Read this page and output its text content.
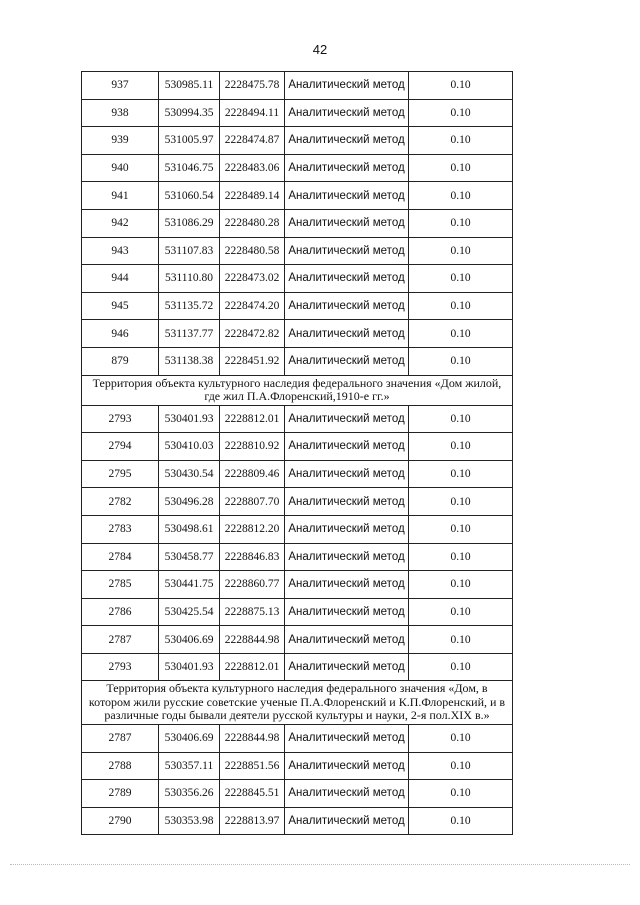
42
937	530985.11	2228475.78	Аналитический метод	0.10
938	530994.35	2228494.11	Аналитический метод	0.10
939	531005.97	2228474.87	Аналитический метод	0.10
940	531046.75	2228483.06	Аналитический метод	0.10
941	531060.54	2228489.14	Аналитический метод	0.10
942	531086.29	2228480.28	Аналитический метод	0.10
943	531107.83	2228480.58	Аналитический метод	0.10
944	531110.80	2228473.02	Аналитический метод	0.10
945	531135.72	2228474.20	Аналитический метод	0.10
946	531137.77	2228472.82	Аналитический метод	0.10
879	531138.38	2228451.92	Аналитический метод	0.10
Территория объекта культурного наследия федерального значения «Дом жилой, где жил П.А.Флоренский,1910-е гг.»				
2793	530401.93	2228812.01	Аналитический метод	0.10
2794	530410.03	2228810.92	Аналитический метод	0.10
2795	530430.54	2228809.46	Аналитический метод	0.10
2782	530496.28	2228807.70	Аналитический метод	0.10
2783	530498.61	2228812.20	Аналитический метод	0.10
2784	530458.77	2228846.83	Аналитический метод	0.10
2785	530441.75	2228860.77	Аналитический метод	0.10
2786	530425.54	2228875.13	Аналитический метод	0.10
2787	530406.69	2228844.98	Аналитический метод	0.10
2793	530401.93	2228812.01	Аналитический метод	0.10
Территория объекта культурного наследия федерального значения «Дом, в котором жили русские советские ученые П.А.Флоренский и К.П.Флоренский, и в различные годы бывали деятели русской культуры и науки, 2-я пол.XIX в.»				
2787	530406.69	2228844.98	Аналитический метод	0.10
2788	530357.11	2228851.56	Аналитический метод	0.10
2789	530356.26	2228845.51	Аналитический метод	0.10
2790	530353.98	2228813.97	Аналитический метод	0.10
